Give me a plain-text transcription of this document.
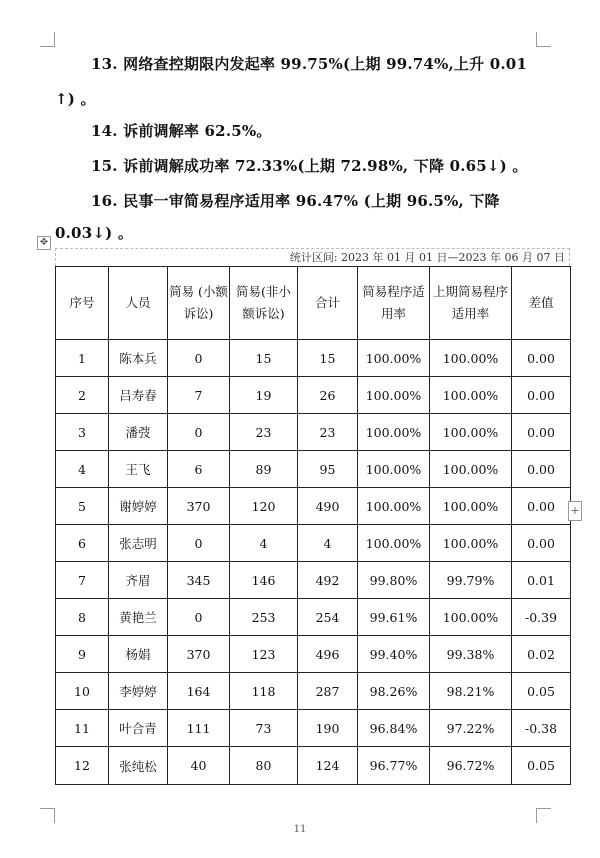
13. 网络查控期限内发起率 99.75%(上期 99.74%,上升 0.01
↑) 。
14. 诉前调解率 62.5%。
15. 诉前调解成功率 72.33%(上期 72.98%, 下降 0.65↓) 。
16. 民事一审简易程序适用率 96.47% (上期 96.5%, 下降
0.03↓) 。
✥
统计区间: 2023 年 01 月 01 日—2023 年 06 月 07 日
序号	人员	简易 (小额诉讼)	简易(非小额诉讼)	合计	简易程序适用率	上期简易程序适用率	差值
1	陈本兵	0	15	15	100.00%	100.00%	0.00
2	吕寿春	7	19	26	100.00%	100.00%	0.00
3	潘弢	0	23	23	100.00%	100.00%	0.00
4	王飞	6	89	95	100.00%	100.00%	0.00
5	谢婷婷	370	120	490	100.00%	100.00%	0.00
6	张志明	0	4	4	100.00%	100.00%	0.00
7	齐眉	345	146	492	99.80%	99.79%	0.01
8	黄艳兰	0	253	254	99.61%	100.00%	-0.39
9	杨娟	370	123	496	99.40%	99.38%	0.02
10	李婷婷	164	118	287	98.26%	98.21%	0.05
11	叶合青	111	73	190	96.84%	97.22%	-0.38
12	张纯松	40	80	124	96.77%	96.72%	0.05
+
11
